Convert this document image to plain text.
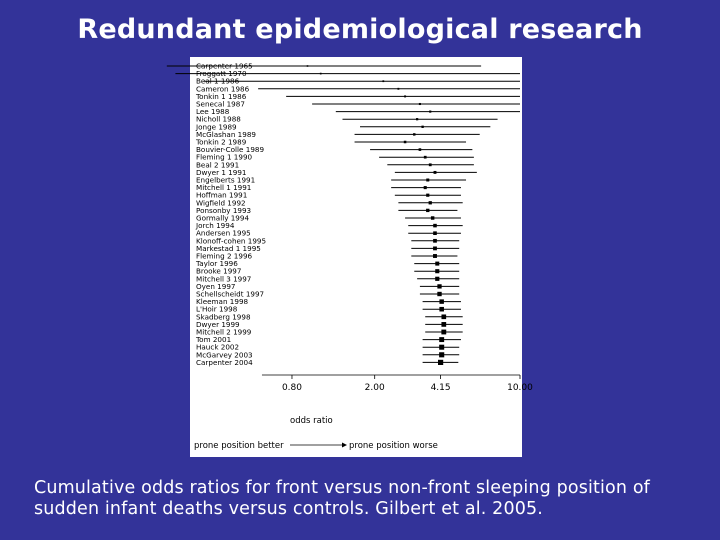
Redundant epidemiological research
Carpenter 1965
Froggatt 1970
Beal 1 1986
Cameron 1986
Tonkin 1 1986
Senecal 1987
Lee 1988
Nicholl 1988
Jonge 1989
McGlashan 1989
Tonkin 2 1989
Bouvier-Colle 1989
Fleming 1 1990
Beal 2 1991
Dwyer 1 1991
Engelberts 1991
Mitchell 1 1991
Hoffman 1991
Wigfield 1992
Ponsonby 1993
Gormally 1994
Jorch 1994
Andersen 1995
Klonoff-cohen 1995
Markestad 1 1995
Fleming 2 1996
Taylor 1996
Brooke 1997
Mitchell 3 1997
Oyen 1997
Schellscheidt 1997
Kleeman 1998
L'Hoir 1998
Skadberg 1998
Dwyer 1999
Mitchell 2 1999
Tom 2001
Hauck 2002
McGarvey 2003
Carpenter 2004
0.80	2.00	4.15	10.00
odds ratio
prone position better	prone position worse
Cumulative odds ratios for front versus non-front sleeping position of sudden infant deaths versus controls. Gilbert et al. 2005.
